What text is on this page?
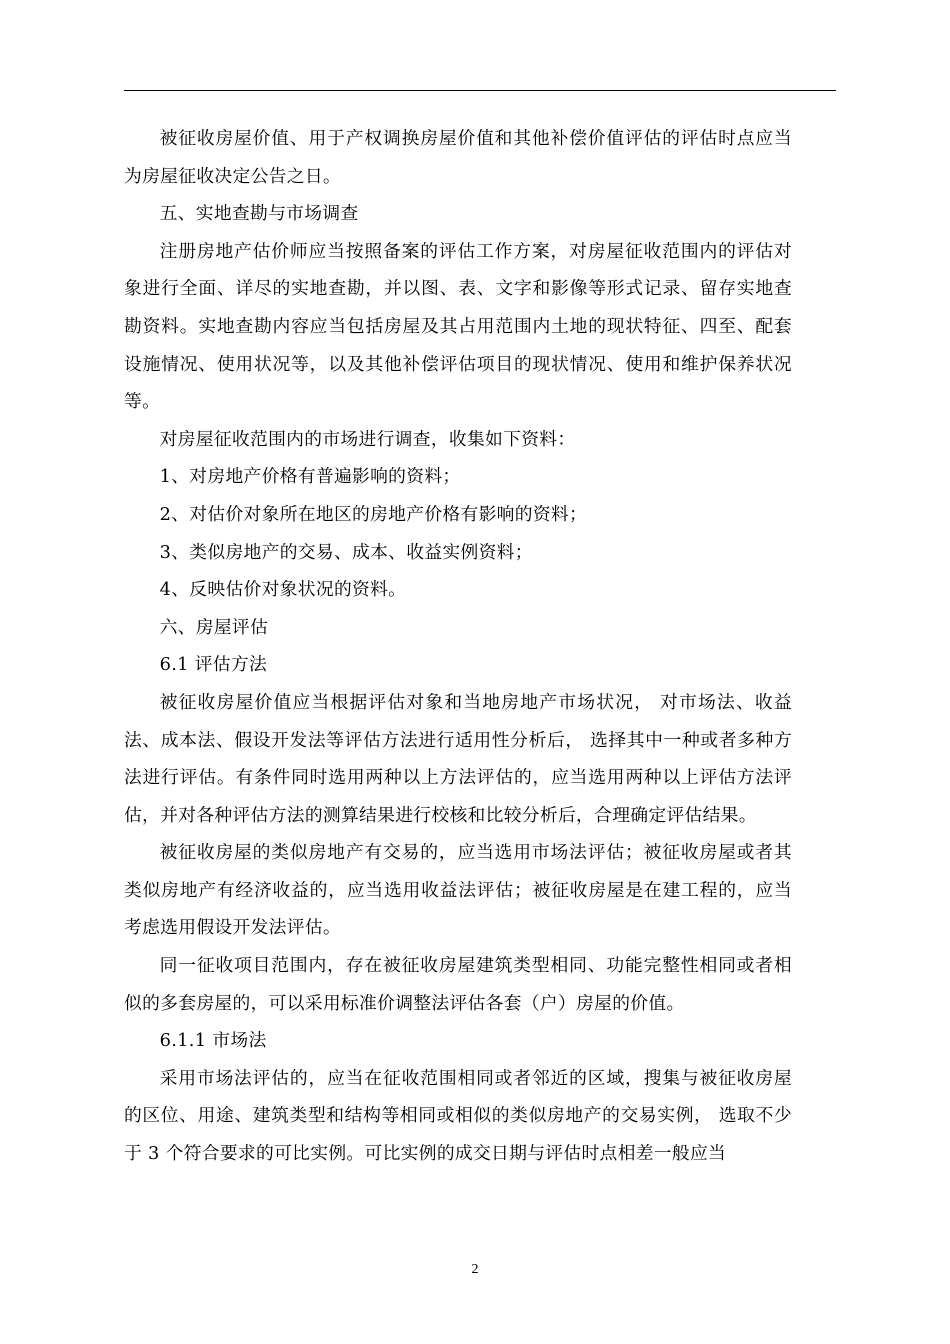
被征收房屋价值、用于产权调换房屋价值和其他补偿价值评估的评估时点应当为房屋征收决定公告之日。

五、实地查勘与市场调查

注册房地产估价师应当按照备案的评估工作方案，对房屋征收范围内的评估对象进行全面、详尽的实地查勘，并以图、表、文字和影像等形式记录、留存实地查勘资料。实地查勘内容应当包括房屋及其占用范围内土地的现状特征、四至、配套设施情况、使用状况等，以及其他补偿评估项目的现状情况、使用和维护保养状况等。

对房屋征收范围内的市场进行调查，收集如下资料：

1、对房地产价格有普遍影响的资料；

2、对估价对象所在地区的房地产价格有影响的资料；

3、类似房地产的交易、成本、收益实例资料；

4、反映估价对象状况的资料。

六、房屋评估

6.1 评估方法

被征收房屋价值应当根据评估对象和当地房地产市场状况， 对市场法、收益法、成本法、假设开发法等评估方法进行适用性分析后， 选择其中一种或者多种方法进行评估。有条件同时选用两种以上方法评估的，应当选用两种以上评估方法评估，并对各种评估方法的测算结果进行校核和比较分析后，合理确定评估结果。

被征收房屋的类似房地产有交易的，应当选用市场法评估；被征收房屋或者其类似房地产有经济收益的，应当选用收益法评估；被征收房屋是在建工程的，应当考虑选用假设开发法评估。

同一征收项目范围内，存在被征收房屋建筑类型相同、功能完整性相同或者相似的多套房屋的，可以采用标准价调整法评估各套（户）房屋的价值。

6.1.1 市场法

采用市场法评估的，应当在征收范围相同或者邻近的区域，搜集与被征收房屋的区位、用途、建筑类型和结构等相同或相似的类似房地产的交易实例， 选取不少于 3 个符合要求的可比实例。可比实例的成交日期与评估时点相差一般应当

2
